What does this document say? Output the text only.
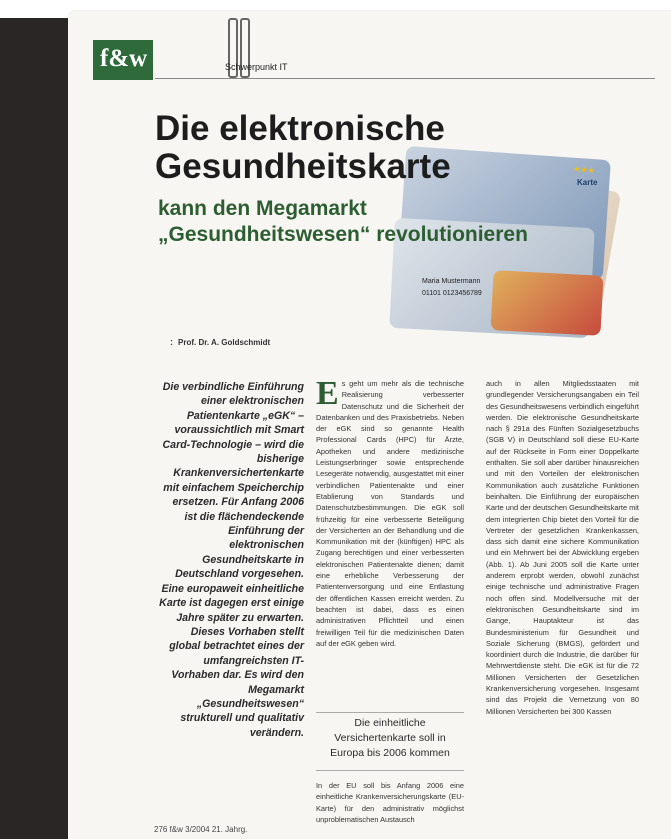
f&w	Schwerpunkt IT
★★★
Karte
Maria Mustermann
01101 0123456789
Die elektronische Gesundheitskarte
kann den Megamarkt
„Gesundheitswesen“ revolutionieren
: Prof. Dr. A. Goldschmidt
Die verbindliche Einführung einer elektronischen Patientenkarte „eGK“ – voraussichtlich mit Smart Card-Technologie – wird die bisherige Krankenversichertenkarte mit einfachem Speicherchip ersetzen. Für Anfang 2006 ist die flächendeckende Einführung der elektronischen Gesundheitskarte in Deutschland vorgesehen. Eine europaweit einheitliche Karte ist dagegen erst einige Jahre später zu erwarten. Dieses Vorhaben stellt global betrachtet eines der umfangreichsten IT-Vorhaben dar. Es wird den Megamarkt „Gesundheitswesen“ strukturell und qualitativ verändern.
E s geht um mehr als die technische Realisierung verbesserter Datenschutz und die Sicherheit der Datenbanken und des Praxisbetriebs. Neben der eGK sind so genannte Health Professional Cards (HPC) für Ärzte, Apotheken und andere medizinische Leistungserbringer sowie entsprechende Lesegeräte notwendig, ausgestattet mit einer verbindlichen Patientenakte und einer Etablierung von Standards und Datenschutzbestimmungen. Die eGK soll frühzeitig für eine verbesserte Beteiligung der Versicherten an der Behandlung und die Kommunikation mit der (künftigen) HPC als Zugang berechtigen und einer verbesserten elektronischen Patientenakte dienen; damit eine erhebliche Verbesserung der Patientenversorgung und eine Entlastung der öffentlichen Kassen erreicht werden. Zu beachten ist dabei, dass es einen administrativen Pflichtteil und einen freiwilligen Teil für die medizinischen Daten auf der eGK geben wird.
Die einheitliche Versichertenkarte soll in Europa bis 2006 kommen
In der EU soll bis Anfang 2006 eine einheitliche Krankenversicherungskarte (EU-Karte) für den administrativ möglichst unproblematischen Austausch
auch in allen Mitgliedsstaaten mit grundlegender Versicherungsangaben ein Teil des Gesundheitswesens verbindlich eingeführt werden. Die elektronische Gesundheitskarte nach § 291a des Fünften Sozialgesetzbuchs (SGB V) in Deutschland soll diese EU-Karte auf der Rückseite in Form einer Doppelkarte enthalten. Sie soll aber darüber hinausreichen und mit den Vorteilen der elektronischen Kommunikation auch zusätzliche Funktionen beinhalten. Die Einführung der europäischen Karte und der deutschen Gesundheitskarte mit dem integrierten Chip bietet den Vorteil für die Vertreter der gesetzlichen Krankenkassen, dass sich damit eine sichere Kommunikation und ein Mehrwert bei der Abwicklung ergeben (Abb. 1). Ab Juni 2005 soll die Karte unter anderem erprobt werden, obwohl zunächst einige technische und administrative Fragen noch offen sind. Modellversuche mit der elektronischen Gesundheitskarte sind im Gange, Hauptakteur ist das Bundesministerium für Gesundheit und Soziale Sicherung (BMGS), gefördert und koordiniert durch die Industrie, die darüber für Mehrwertdienste steht. Die eGK ist für die 72 Millionen Versicherten der Gesetzlichen Krankenversicherung vorgesehen. Insgesamt sind das Projekt die Vernetzung von 80 Millionen Versicherten bei 300 Kassen
276 f&w 3/2004 21. Jahrg.
